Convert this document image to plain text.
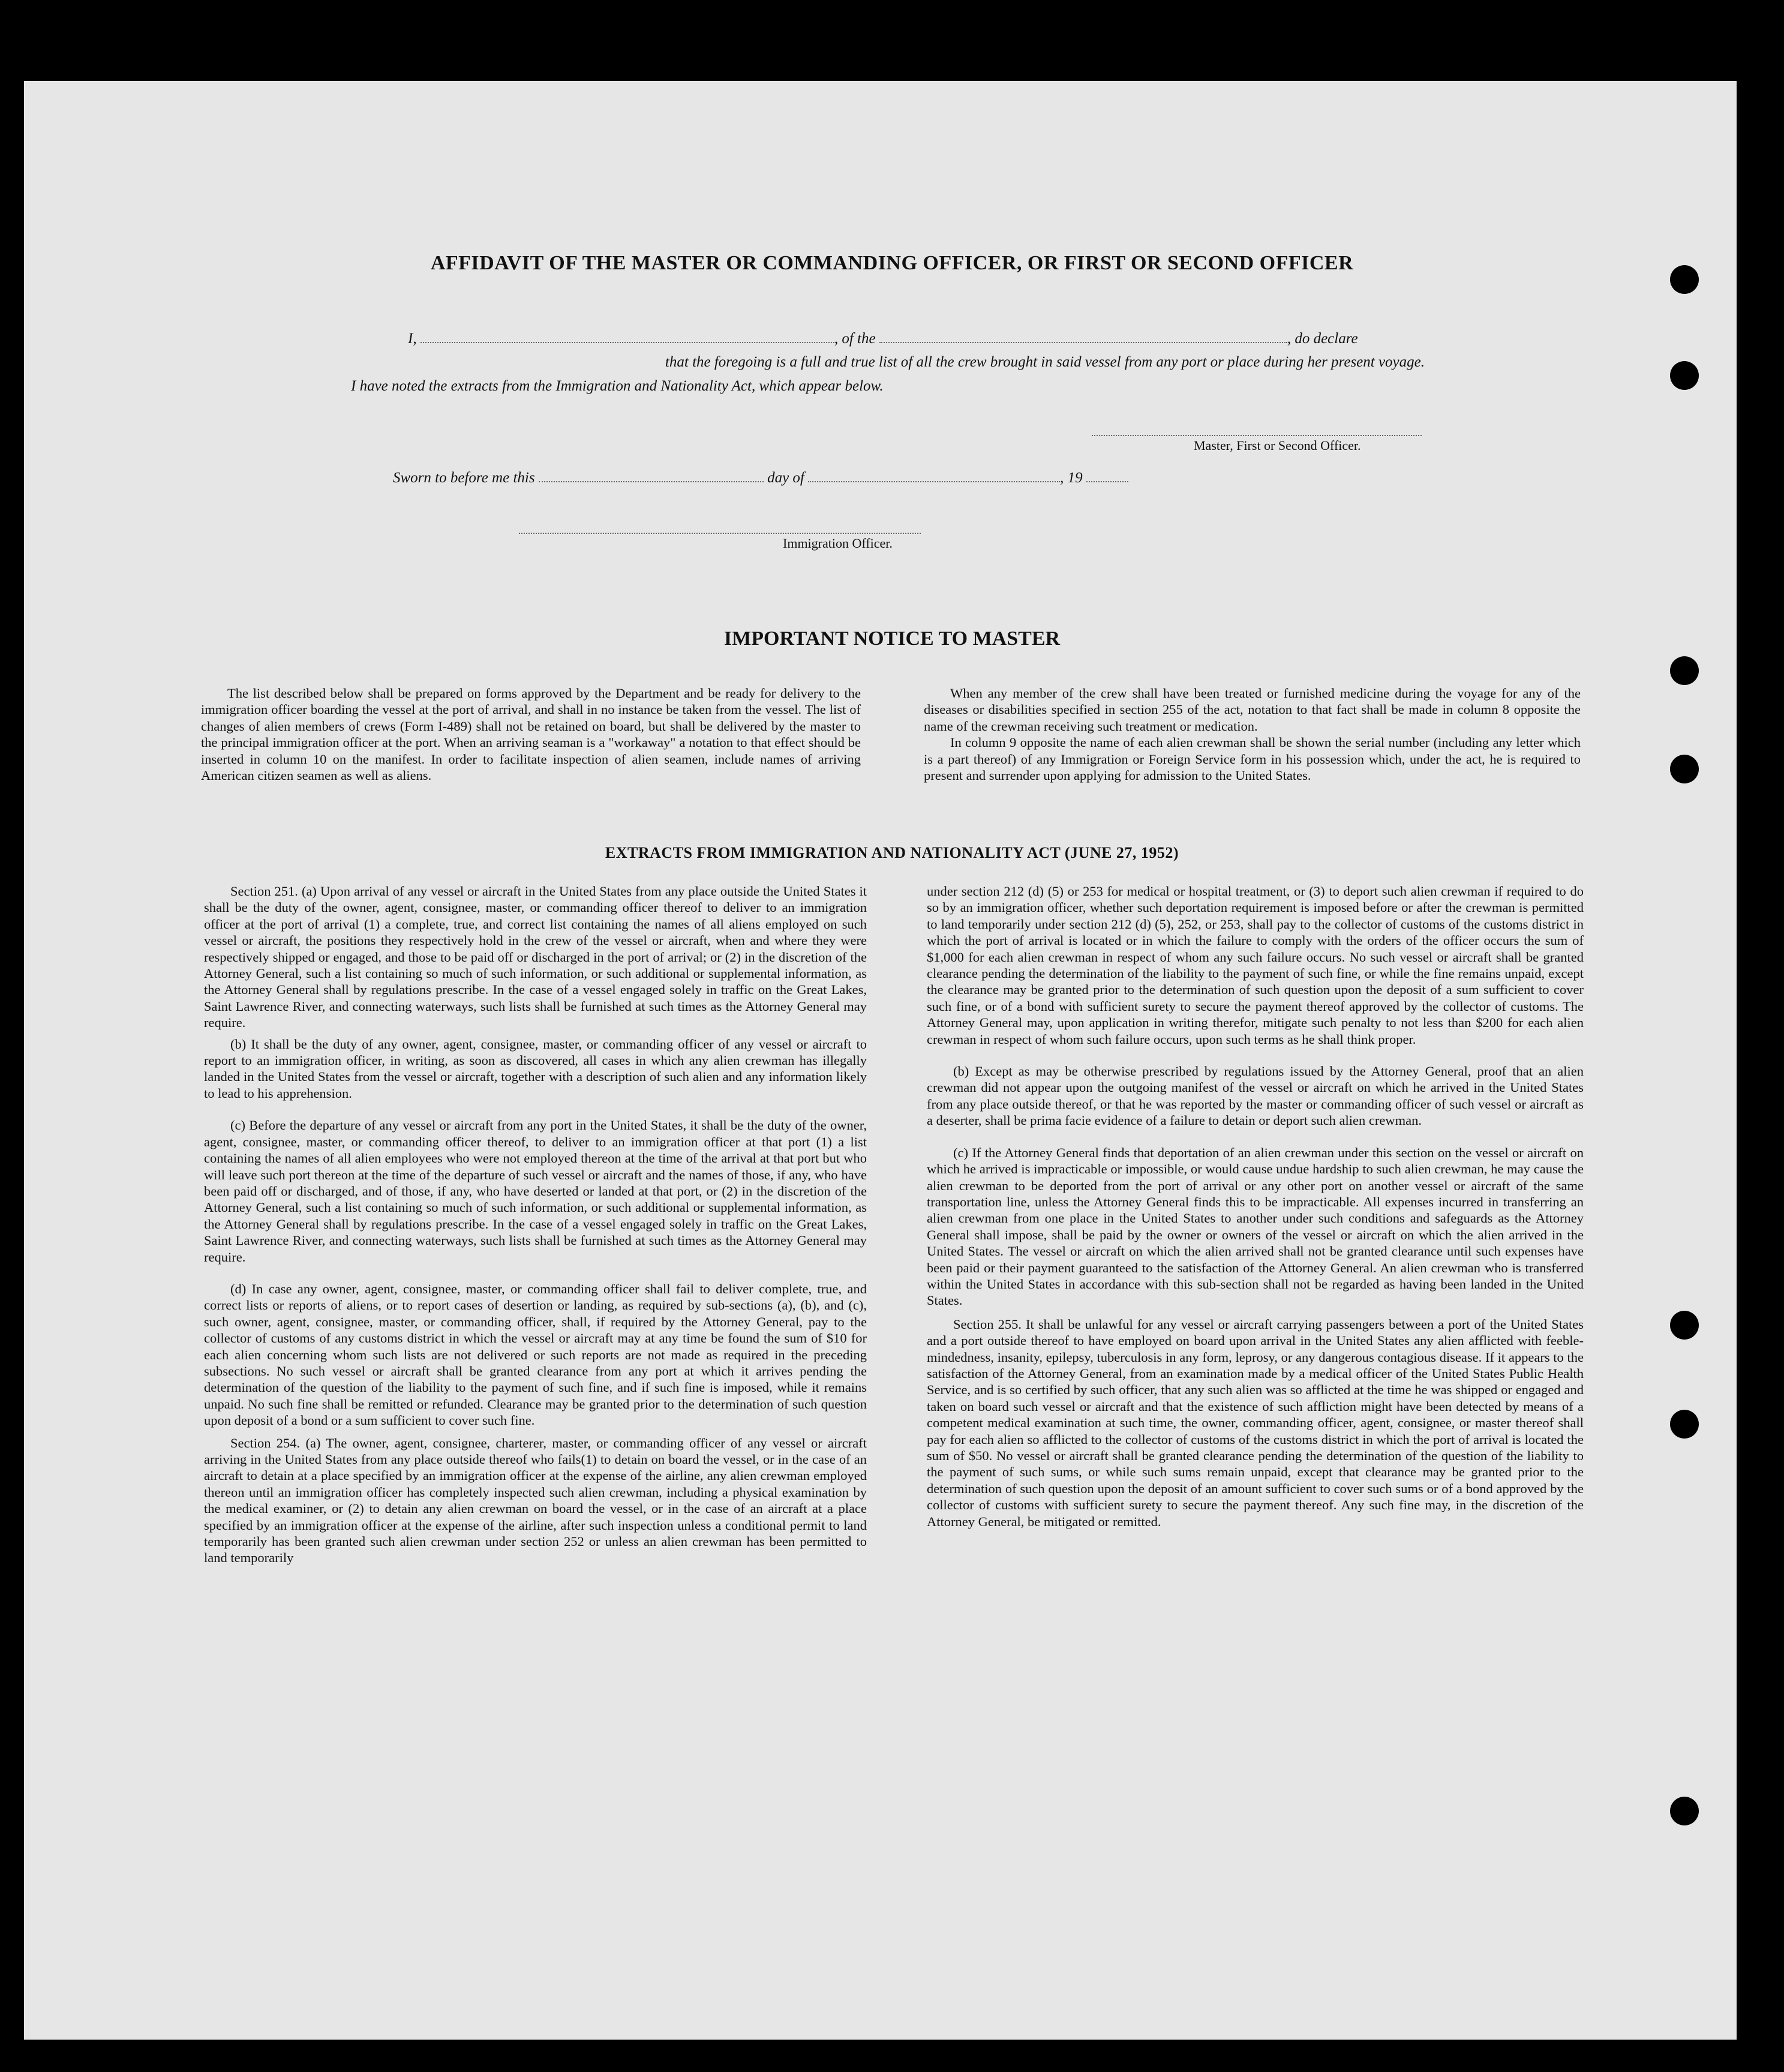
AFFIDAVIT OF THE MASTER OR COMMANDING OFFICER, OR FIRST OR SECOND OFFICER
I,	, of the	, do declare
that the foregoing is a full and true list of all the crew brought in said vessel from any port or place during her present voyage.
I have noted the extracts from the Immigration and Nationality Act, which appear below.
Master, First or Second Officer.
Sworn to before me this	day of	, 19
Immigration Officer.
IMPORTANT NOTICE TO MASTER

The list described below shall be prepared on forms approved by the Department and be ready for delivery to the immigration officer boarding the vessel at the port of arrival, and shall in no instance be taken from the vessel. The list of changes of alien members of crews (Form I-489) shall not be retained on board, but shall be delivered by the master to the principal immigration officer at the port. When an arriving seaman is a "workaway" a notation to that effect should be inserted in column 10 on the manifest. In order to facilitate inspection of alien seamen, include names of arriving American citizen seamen as well as aliens.

When any member of the crew shall have been treated or furnished medicine during the voyage for any of the diseases or disabilities specified in section 255 of the act, notation to that fact shall be made in column 8 opposite the name of the crewman receiving such treatment or medication.

In column 9 opposite the name of each alien crewman shall be shown the serial number (including any letter which is a part thereof) of any Immigration or Foreign Service form in his possession which, under the act, he is required to present and surrender upon applying for admission to the United States.

EXTRACTS FROM IMMIGRATION AND NATIONALITY ACT (JUNE 27, 1952)

Section 251. (a) Upon arrival of any vessel or aircraft in the United States from any place outside the United States it shall be the duty of the owner, agent, consignee, master, or commanding officer thereof to deliver to an immigration officer at the port of arrival (1) a complete, true, and correct list containing the names of all aliens employed on such vessel or aircraft, the positions they respectively hold in the crew of the vessel or aircraft, when and where they were respectively shipped or engaged, and those to be paid off or discharged in the port of arrival; or (2) in the discretion of the Attorney General, such a list containing so much of such information, or such additional or supplemental information, as the Attorney General shall by regulations prescribe. In the case of a vessel engaged solely in traffic on the Great Lakes, Saint Lawrence River, and connecting waterways, such lists shall be furnished at such times as the Attorney General may require.

(b) It shall be the duty of any owner, agent, consignee, master, or commanding officer of any vessel or aircraft to report to an immigration officer, in writing, as soon as discovered, all cases in which any alien crewman has illegally landed in the United States from the vessel or aircraft, together with a description of such alien and any information likely to lead to his apprehension.

(c) Before the departure of any vessel or aircraft from any port in the United States, it shall be the duty of the owner, agent, consignee, master, or commanding officer thereof, to deliver to an immigration officer at that port (1) a list containing the names of all alien employees who were not employed thereon at the time of the arrival at that port but who will leave such port thereon at the time of the departure of such vessel or aircraft and the names of those, if any, who have been paid off or discharged, and of those, if any, who have deserted or landed at that port, or (2) in the discretion of the Attorney General, such a list containing so much of such information, or such additional or supplemental information, as the Attorney General shall by regulations prescribe. In the case of a vessel engaged solely in traffic on the Great Lakes, Saint Lawrence River, and connecting waterways, such lists shall be furnished at such times as the Attorney General may require.

(d) In case any owner, agent, consignee, master, or commanding officer shall fail to deliver complete, true, and correct lists or reports of aliens, or to report cases of desertion or landing, as required by sub-sections (a), (b), and (c), such owner, agent, consignee, master, or commanding officer, shall, if required by the Attorney General, pay to the collector of customs of any customs district in which the vessel or aircraft may at any time be found the sum of $10 for each alien concerning whom such lists are not delivered or such reports are not made as required in the preceding subsections. No such vessel or aircraft shall be granted clearance from any port at which it arrives pending the determination of the question of the liability to the payment of such fine, and if such fine is imposed, while it remains unpaid. No such fine shall be remitted or refunded. Clearance may be granted prior to the determination of such question upon deposit of a bond or a sum sufficient to cover such fine.

Section 254. (a) The owner, agent, consignee, charterer, master, or commanding officer of any vessel or aircraft arriving in the United States from any place outside thereof who fails(1) to detain on board the vessel, or in the case of an aircraft to detain at a place specified by an immigration officer at the expense of the airline, any alien crewman employed thereon until an immigration officer has completely inspected such alien crewman, including a physical examination by the medical examiner, or (2) to detain any alien crewman on board the vessel, or in the case of an aircraft at a place specified by an immigration officer at the expense of the airline, after such inspection unless a conditional permit to land temporarily has been granted such alien crewman under section 252 or unless an alien crewman has been permitted to land temporarily

under section 212 (d) (5) or 253 for medical or hospital treatment, or (3) to deport such alien crewman if required to do so by an immigration officer, whether such deportation requirement is imposed before or after the crewman is permitted to land temporarily under section 212 (d) (5), 252, or 253, shall pay to the collector of customs of the customs district in which the port of arrival is located or in which the failure to comply with the orders of the officer occurs the sum of $1,000 for each alien crewman in respect of whom any such failure occurs. No such vessel or aircraft shall be granted clearance pending the determination of the liability to the payment of such fine, or while the fine remains unpaid, except the clearance may be granted prior to the determination of such question upon the deposit of a sum sufficient to cover such fine, or of a bond with sufficient surety to secure the payment thereof approved by the collector of customs. The Attorney General may, upon application in writing therefor, mitigate such penalty to not less than $200 for each alien crewman in respect of whom such failure occurs, upon such terms as he shall think proper.

(b) Except as may be otherwise prescribed by regulations issued by the Attorney General, proof that an alien crewman did not appear upon the outgoing manifest of the vessel or aircraft on which he arrived in the United States from any place outside thereof, or that he was reported by the master or commanding officer of such vessel or aircraft as a deserter, shall be prima facie evidence of a failure to detain or deport such alien crewman.

(c) If the Attorney General finds that deportation of an alien crewman under this section on the vessel or aircraft on which he arrived is impracticable or impossible, or would cause undue hardship to such alien crewman, he may cause the alien crewman to be deported from the port of arrival or any other port on another vessel or aircraft of the same transportation line, unless the Attorney General finds this to be impracticable. All expenses incurred in transferring an alien crewman from one place in the United States to another under such conditions and safeguards as the Attorney General shall impose, shall be paid by the owner or owners of the vessel or aircraft on which the alien arrived in the United States. The vessel or aircraft on which the alien arrived shall not be granted clearance until such expenses have been paid or their payment guaranteed to the satisfaction of the Attorney General. An alien crewman who is transferred within the United States in accordance with this sub-section shall not be regarded as having been landed in the United States.

Section 255. It shall be unlawful for any vessel or aircraft carrying passengers between a port of the United States and a port outside thereof to have employed on board upon arrival in the United States any alien afflicted with feeble-mindedness, insanity, epilepsy, tuberculosis in any form, leprosy, or any dangerous contagious disease. If it appears to the satisfaction of the Attorney General, from an examination made by a medical officer of the United States Public Health Service, and is so certified by such officer, that any such alien was so afflicted at the time he was shipped or engaged and taken on board such vessel or aircraft and that the existence of such affliction might have been detected by means of a competent medical examination at such time, the owner, commanding officer, agent, consignee, or master thereof shall pay for each alien so afflicted to the collector of customs of the customs district in which the port of arrival is located the sum of $50. No vessel or aircraft shall be granted clearance pending the determination of the question of the liability to the payment of such sums, or while such sums remain unpaid, except that clearance may be granted prior to the determination of such question upon the deposit of an amount sufficient to cover such sums or of a bond approved by the collector of customs with sufficient surety to secure the payment thereof. Any such fine may, in the discretion of the Attorney General, be mitigated or remitted.
